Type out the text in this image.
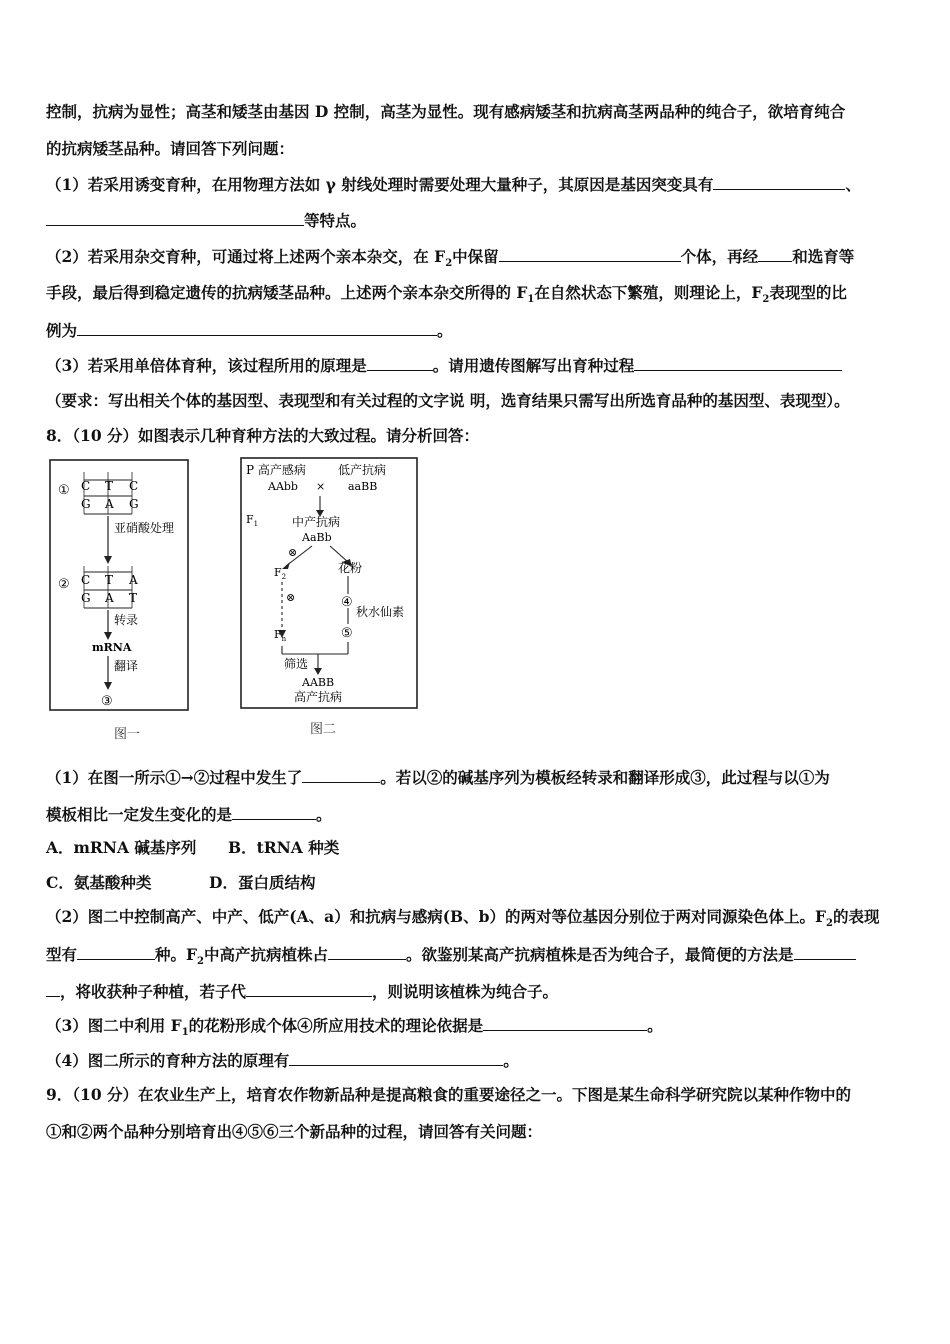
控制，抗病为显性；高茎和矮茎由基因 D 控制，高茎为显性。现有感病矮茎和抗病高茎两品种的纯合子，欲培育纯合
的抗病矮茎品种。请回答下列问题：
（1）若采用诱变育种，在用物理方法如 γ 射线处理时需要处理大量种子，其原因是基因突变具有	、
等特点。
（2）若采用杂交育种，可通过将上述两个亲本杂交，在 $F_2$中保留	个体，再经 和选育等
手段，最后得到稳定遗传的抗病矮茎品种。上述两个亲本杂交所得的 $F_1$在自然状态下繁殖，则理论上，$F_2$表现型的比
例为	。
（3）若采用单倍体育种，该过程所用的原理是	。请用遗传图解写出育种过程
（要求：写出相关个体的基因型、表现型和有关过程的文字说 明，选育结果只需写出所选育品种的基因型、表现型）。
8．（10 分）如图表示几种育种方法的大致过程。请分析回答：
① C T C
G A G
亚硝酸处理
② C T A
G A T
转录
mRNA
翻译
③
图一
P 高产感病	低产抗病
AAbb × aaBB
$F_1$	中产抗病
AaBb
⊗
$F_2$
花粉
⊗	④
秋水仙素
⑤
$F_n$
筛选
AABB
高产抗病
图二
（1）在图一所示①→②过程中发生了	。若以②的碱基序列为模板经转录和翻译形成③，此过程与以①为
模板相比一定发生变化的是	。
A．mRNA 碱基序列 B．tRNA 种类
C．氨基酸种类	D．蛋白质结构
（2）图二中控制高产、中产、低产(A、a）和抗病与感病(B、b）的两对等位基因分别位于两对同源染色体上。$F_2$的表现
型有	种。$F_2$中高产抗病植株占	。欲鉴别某高产抗病植株是否为纯合子，最简便的方法是
，将收获种子种植，若子代	，则说明该植株为纯合子。
（3）图二中利用 $F_1$的花粉形成个体④所应用技术的理论依据是	。
（4）图二所示的育种方法的原理有	。
9．（10 分）在农业生产上，培育农作物新品种是提高粮食的重要途径之一。下图是某生命科学研究院以某种作物中的
①和②两个品种分别培育出④⑤⑥三个新品种的过程，请回答有关问题：
